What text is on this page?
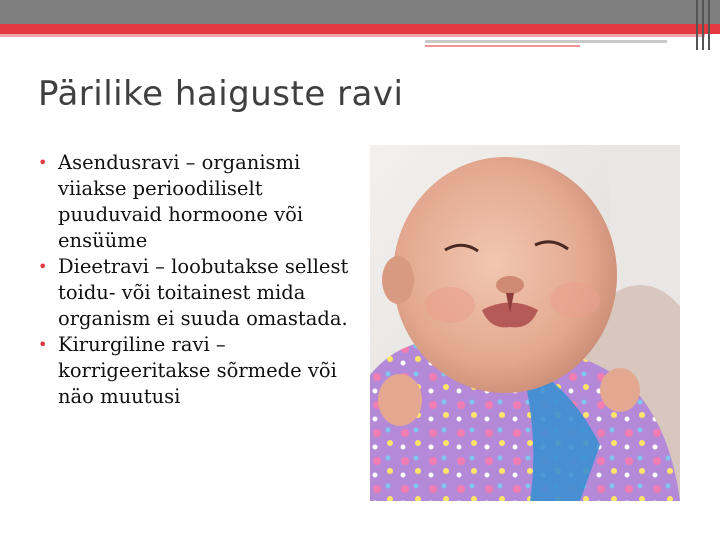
Pärilike haiguste ravi
• Asendusravi – organismi viiakse perioodiliselt puuduvaid hormoone või ensüüme
• Dieetravi – loobutakse sellest toidu- või toitainest mida organism ei suuda omastada.
• Kirurgiline ravi – korrigeeritakse sõrmede või näo muutusi
